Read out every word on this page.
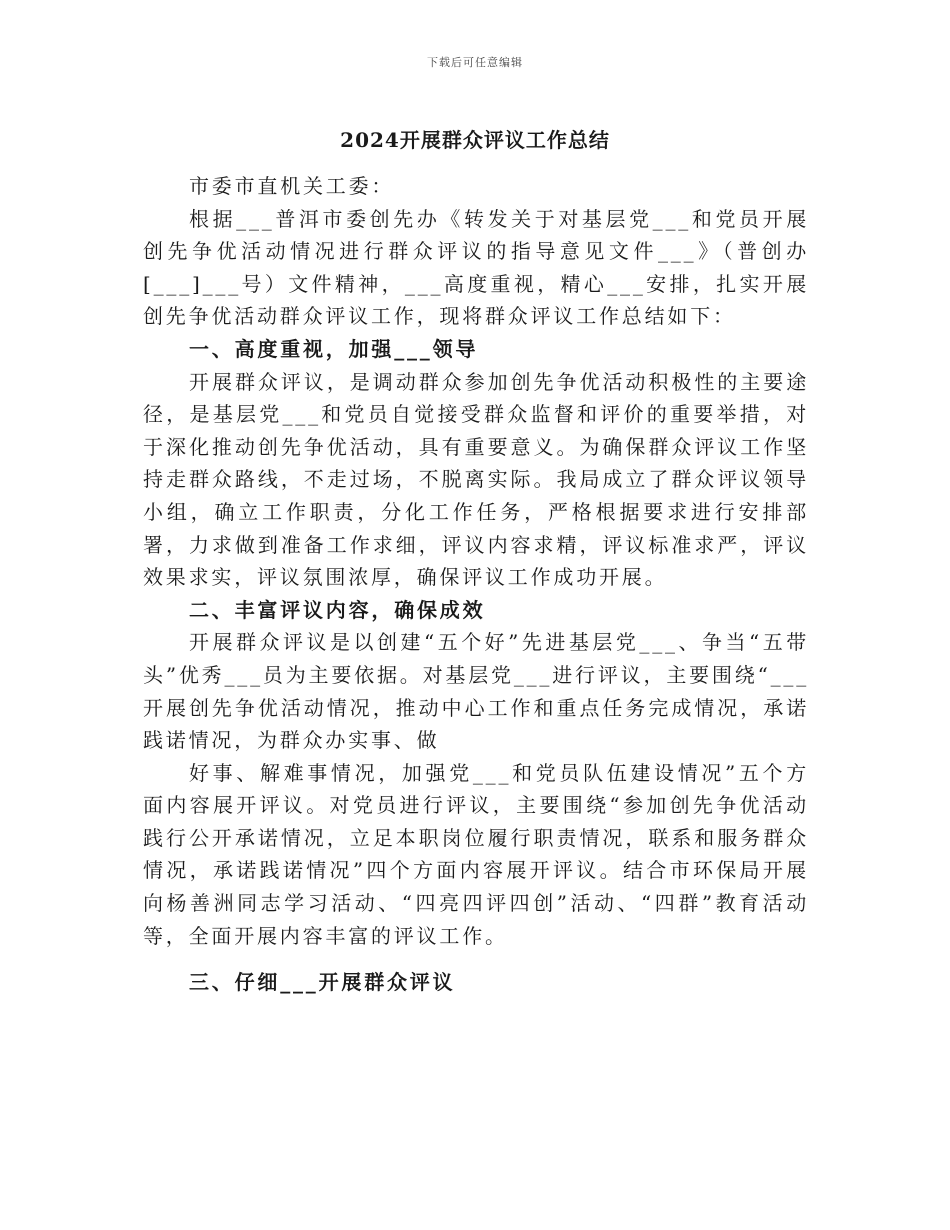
下载后可任意编辑
2024开展群众评议工作总结

市委市直机关工委：

根据___普洱市委创先办《转发关于对基层党___和党员开展创先争优活动情况进行群众评议的指导意见文件___》（普创办[___]___号）文件精神，___高度重视，精心___安排，扎实开展创先争优活动群众评议工作，现将群众评议工作总结如下：

一、高度重视，加强___领导

开展群众评议，是调动群众参加创先争优活动积极性的主要途径，是基层党___和党员自觉接受群众监督和评价的重要举措，对于深化推动创先争优活动，具有重要意义。为确保群众评议工作坚持走群众路线，不走过场，不脱离实际。我局成立了群众评议领导小组，确立工作职责，分化工作任务，严格根据要求进行安排部署，力求做到准备工作求细，评议内容求精，评议标准求严，评议效果求实，评议氛围浓厚，确保评议工作成功开展。

二、丰富评议内容，确保成效

开展群众评议是以创建“五个好”先进基层党___、争当“五带头”优秀___员为主要依据。对基层党___进行评议，主要围绕“___开展创先争优活动情况，推动中心工作和重点任务完成情况，承诺践诺情况，为群众办实事、做

好事、解难事情况，加强党___和党员队伍建设情况”五个方面内容展开评议。对党员进行评议，主要围绕“参加创先争优活动践行公开承诺情况，立足本职岗位履行职责情况，联系和服务群众情况，承诺践诺情况”四个方面内容展开评议。结合市环保局开展向杨善洲同志学习活动、“四亮四评四创”活动、“四群”教育活动等，全面开展内容丰富的评议工作。

三、仔细___开展群众评议
